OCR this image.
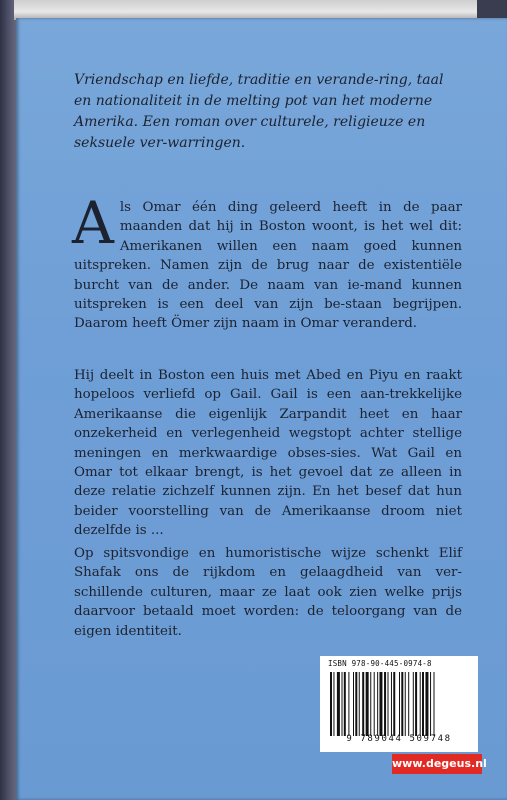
Vriendschap en liefde, traditie en verande-ring, taal en nationaliteit in de melting pot van het moderne Amerika. Een roman over culturele, religieuze en seksuele ver-warringen.

Als Omar één ding geleerd heeft in de paar maanden dat hij in Boston woont, is het wel dit: Amerikanen willen een naam goed kunnen uitspreken. Namen zijn de brug naar de existentiële burcht van de ander. De naam van ie-mand kunnen uitspreken is een deel van zijn be-staan begrijpen. Daarom heeft Ömer zijn naam in Omar veranderd.

Hij deelt in Boston een huis met Abed en Piyu en raakt hopeloos verliefd op Gail. Gail is een aan-trekkelijke Amerikaanse die eigenlijk Zarpandit heet en haar onzekerheid en verlegenheid wegstopt achter stellige meningen en merkwaardige obses-sies. Wat Gail en Omar tot elkaar brengt, is het gevoel dat ze alleen in deze relatie zichzelf kunnen zijn. En het besef dat hun beider voorstelling van de Amerikaanse droom niet dezelfde is ...

Op spitsvondige en humoristische wijze schenkt Elif Shafak ons de rijkdom en gelaagdheid van ver-schillende culturen, maar ze laat ook zien welke prijs daarvoor betaald moet worden: de teloorgang van de eigen identiteit.

ISBN 978-90-445-0974-8
9 789044 509748
www.degeus.nl
